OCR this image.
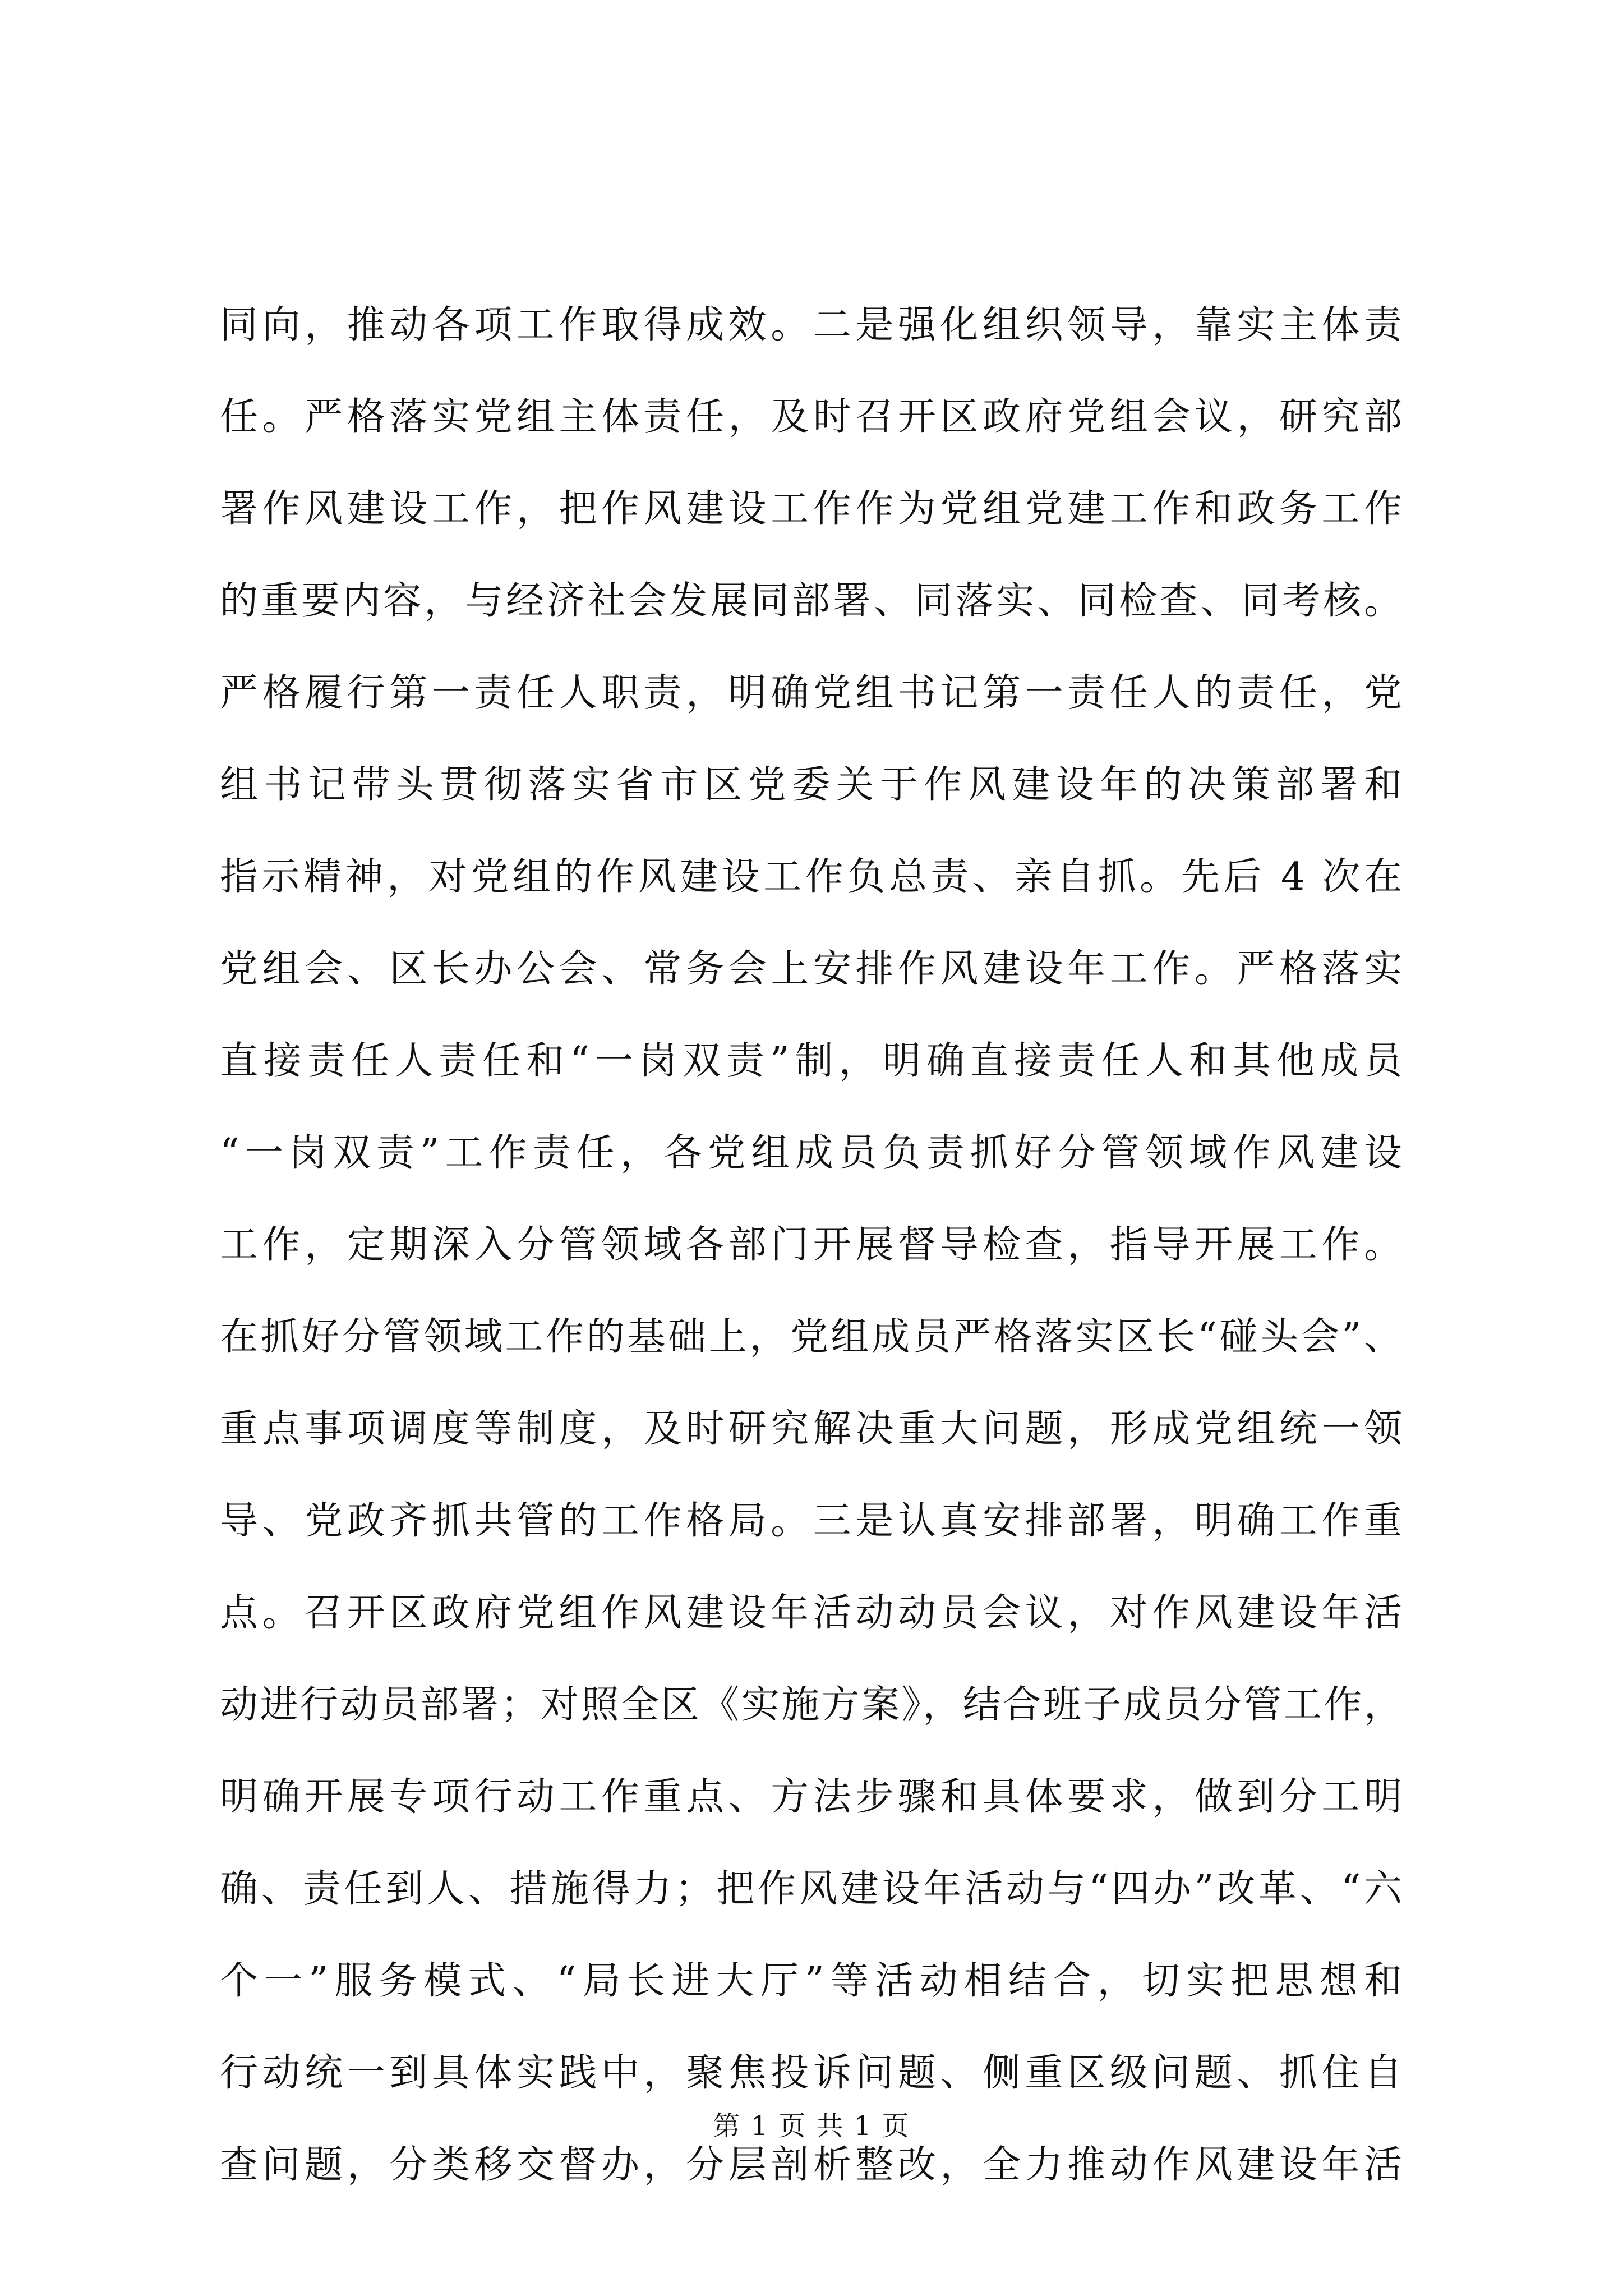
同向，推动各项工作取得成效。二是强化组织领导，靠实主体责
任。严格落实党组主体责任，及时召开区政府党组会议，研究部
署作风建设工作，把作风建设工作作为党组党建工作和政务工作
的重要内容，与经济社会发展同部署、同落实、同检查、同考核。
严格履行第一责任人职责，明确党组书记第一责任人的责任，党
组书记带头贯彻落实省市区党委关于作风建设年的决策部署和
指示精神，对党组的作风建设工作负总责、亲自抓。先后 4 次在
党组会、区长办公会、常务会上安排作风建设年工作。严格落实
直接责任人责任和“一岗双责”制，明确直接责任人和其他成员
“一岗双责”工作责任，各党组成员负责抓好分管领域作风建设
工作，定期深入分管领域各部门开展督导检查，指导开展工作。
在抓好分管领域工作的基础上，党组成员严格落实区长“碰头会”、
重点事项调度等制度，及时研究解决重大问题，形成党组统一领
导、党政齐抓共管的工作格局。三是认真安排部署，明确工作重
点。召开区政府党组作风建设年活动动员会议，对作风建设年活
动进行动员部署；对照全区《实施方案》，结合班子成员分管工作，
明确开展专项行动工作重点、方法步骤和具体要求，做到分工明
确、责任到人、措施得力；把作风建设年活动与“四办”改革、“六
个一”服务模式、“局长进大厅”等活动相结合，切实把思想和
行动统一到具体实践中，聚焦投诉问题、侧重区级问题、抓住自
查问题，分类移交督办，分层剖析整改，全力推动作风建设年活
第 1 页 共 1 页
